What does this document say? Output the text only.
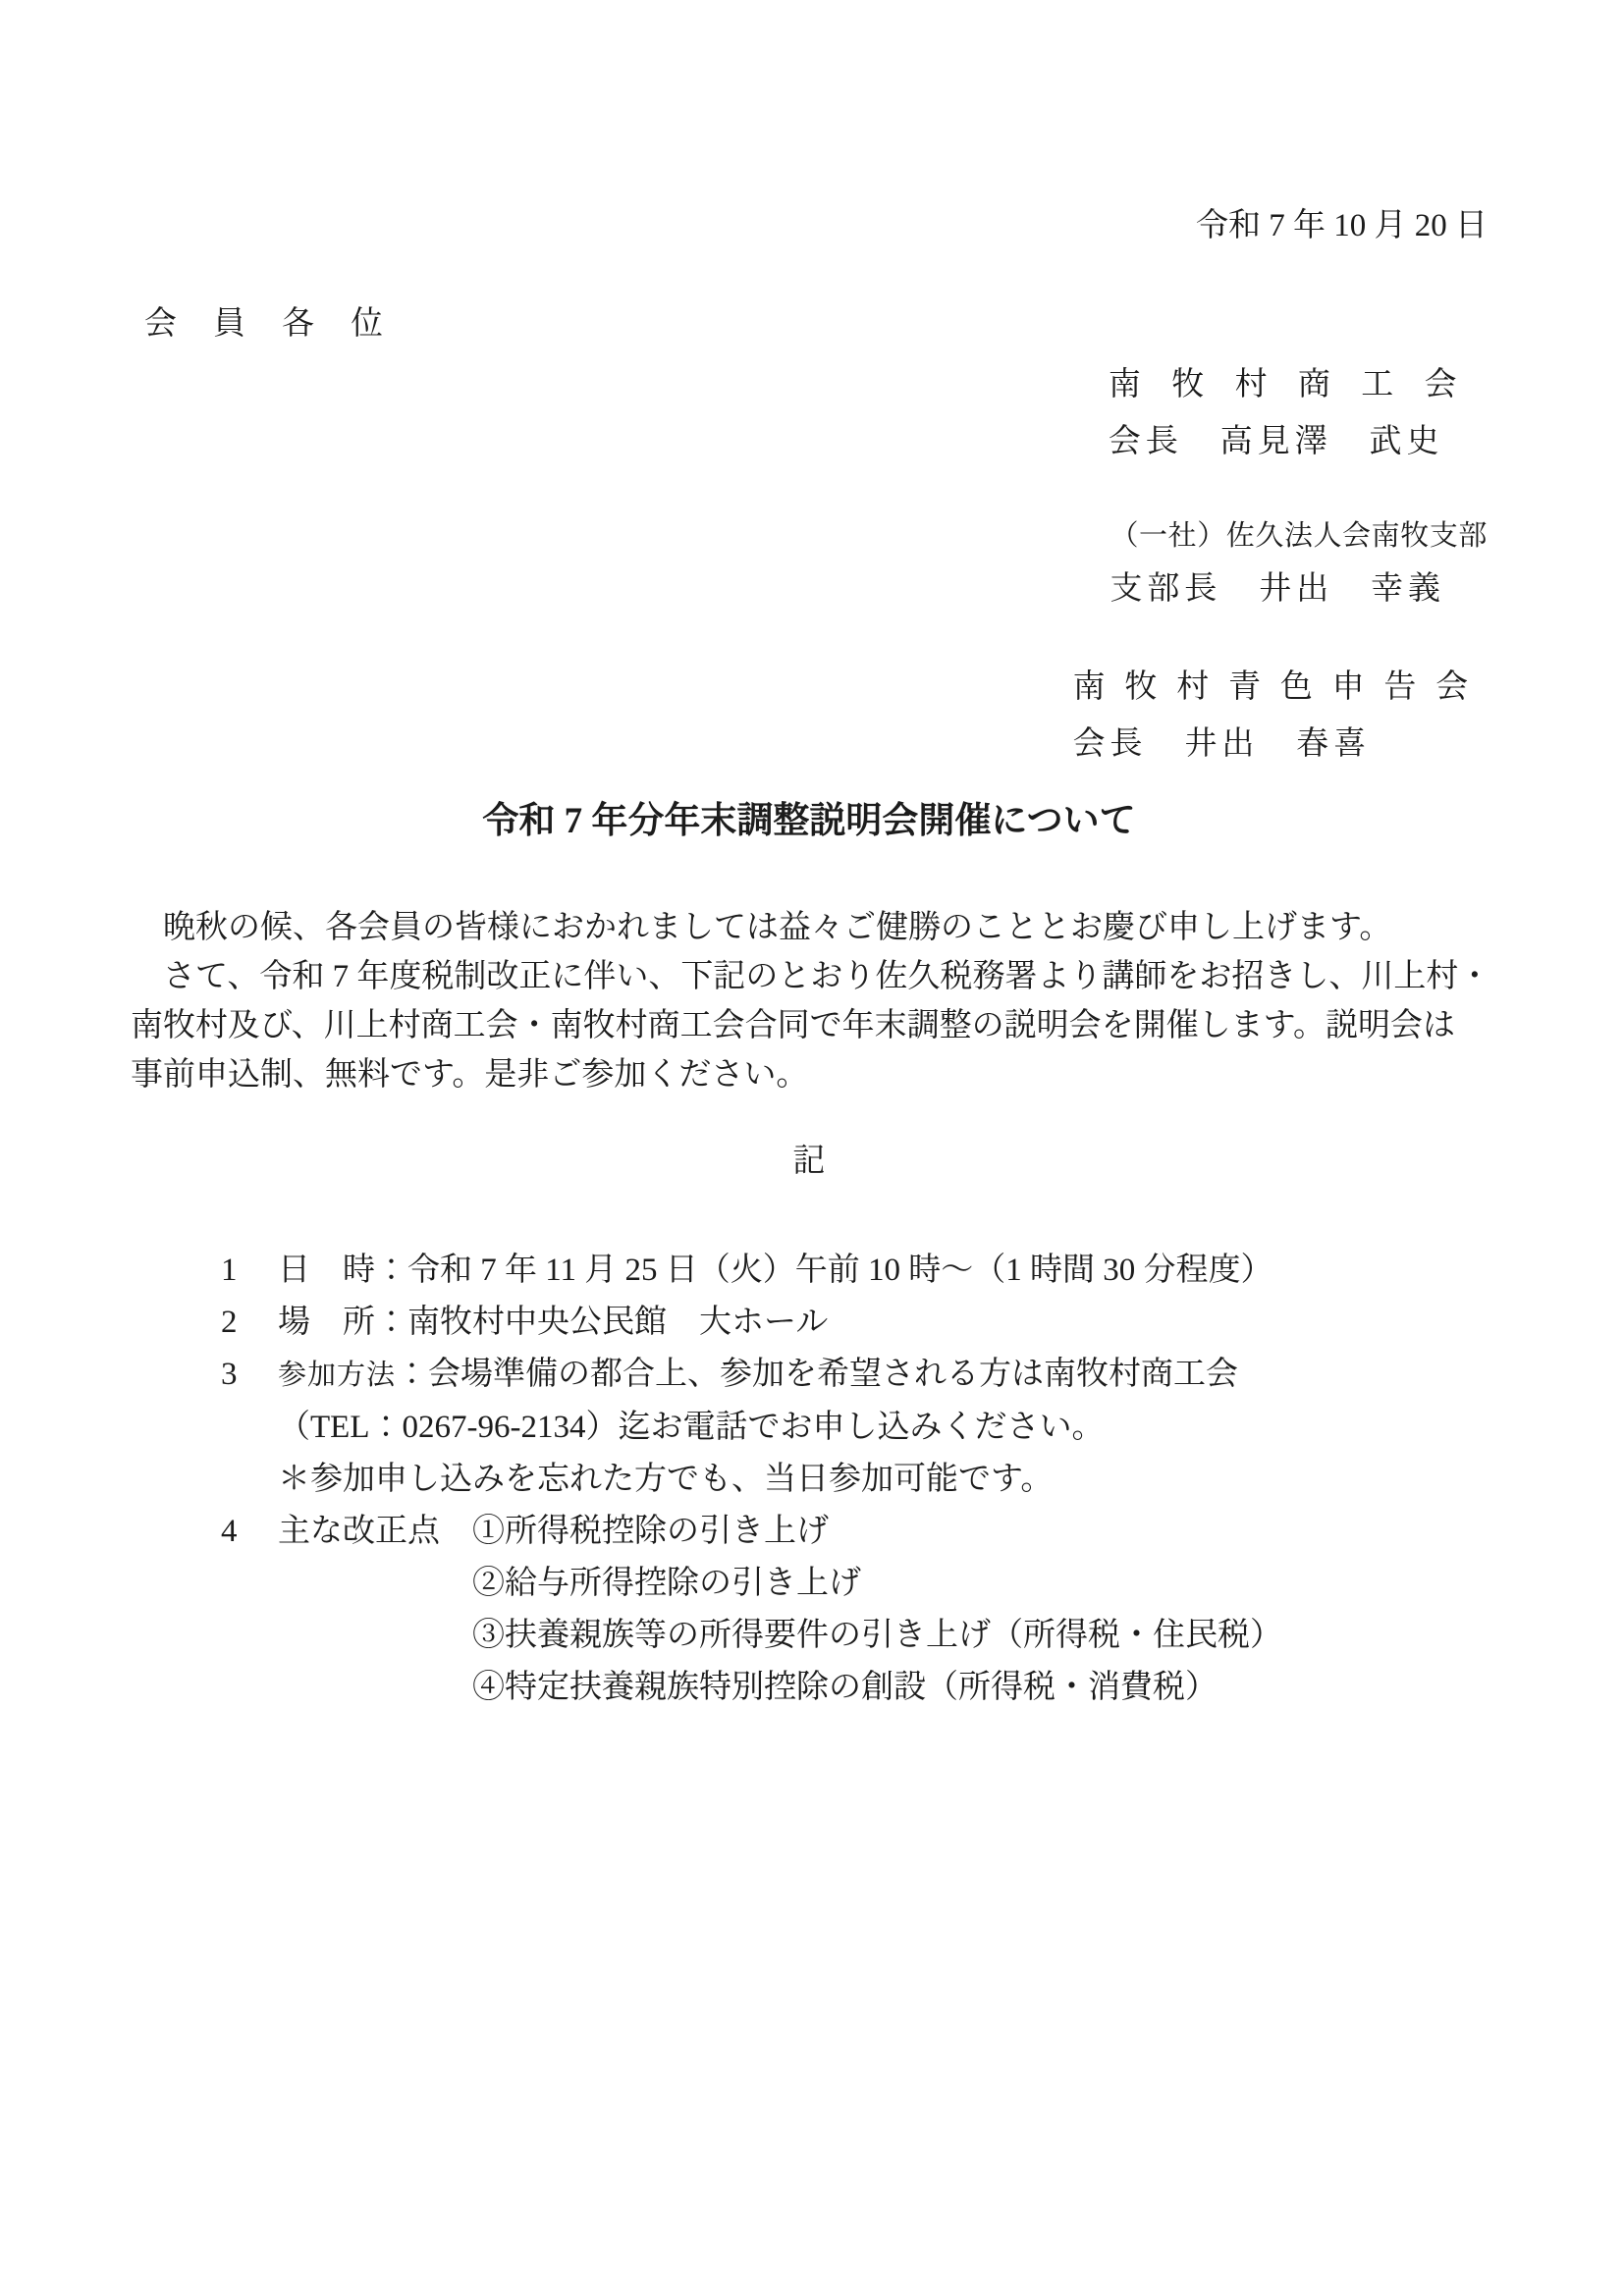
令和 7 年 10 月 20 日
会　員　各　位
南牧村商工会
会長　高見澤　武史
（一社）佐久法人会南牧支部
支部長　井出　幸義
南牧村青色申告会
会長　井出　春喜
令和 7 年分年末調整説明会開催について
　晩秋の候、各会員の皆様におかれましては益々ご健勝のこととお慶び申し上げます。
　さて、令和 7 年度税制改正に伴い、下記のとおり佐久税務署より講師をお招きし、川上村・
南牧村及び、川上村商工会・南牧村商工会合同で年末調整の説明会を開催します。説明会は
事前申込制、無料です。是非ご参加ください。
記
1	日　時：令和 7 年 11 月 25 日（火）午前 10 時～（1 時間 30 分程度）
2	場　所：南牧村中央公民館　大ホール
3	参加方法：会場準備の都合上、参加を希望される方は南牧村商工会
（TEL：0267-96-2134）迄お電話でお申し込みください。
＊参加申し込みを忘れた方でも、当日参加可能です。
4	主な改正点　①所得税控除の引き上げ
②給与所得控除の引き上げ
③扶養親族等の所得要件の引き上げ（所得税・住民税）
④特定扶養親族特別控除の創設（所得税・消費税）
